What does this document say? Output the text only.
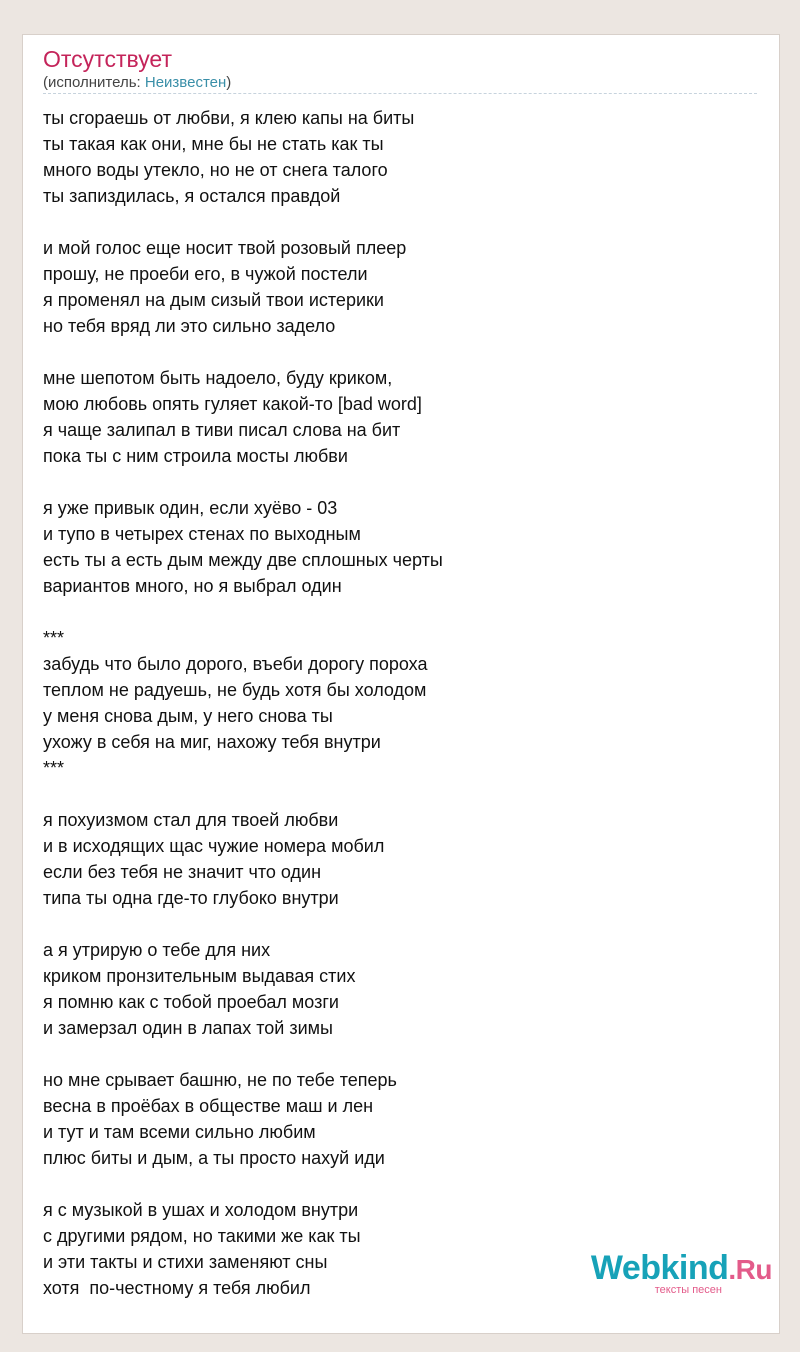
Отсутствует
(исполнитель: Неизвестен)
ты сгораешь от любви, я клею капы на биты
ты такая как они, мне бы не стать как ты
много воды утекло, но не от снега талого
ты запиздилась, я остался правдой
и мой голос еще носит твой розовый плеер
прошу, не проеби его, в чужой постели
я променял на дым сизый твои истерики
но тебя вряд ли это сильно задело
мне шепотом быть надоело, буду криком,
мою любовь опять гуляет какой-то [bad word]
я чаще залипал в тиви писал слова на бит
пока ты с ним строила мосты любви
я уже привык один, если хуёво - 03
и тупо в четырех стенах по выходным
есть ты а есть дым между две сплошных черты
вариантов много, но я выбрал один
***
забудь что было дорого, въеби дорогу пороха
теплом не радуешь, не будь хотя бы холодом
у меня снова дым, у него снова ты
ухожу в себя на миг, нахожу тебя внутри
***
я похуизмом стал для твоей любви
и в исходящих щас чужие номера мобил
если без тебя не значит что один
типа ты одна где-то глубоко внутри
а я утрирую о тебе для них
криком пронзительным выдавая стих
я помню как с тобой проебал мозги
и замерзал один в лапах той зимы
но мне срывает башню, не по тебе теперь
весна в проёбах в обществе маш и лен
и тут и там всеми сильно любим
плюс биты и дым, а ты просто нахуй иди
я с музыкой в ушах и холодом внутри
с другими рядом, но такими же как ты
и эти такты и стихи заменяют сны
хотя  по-честному я тебя любил
Webkind.Ru
тексты песен
